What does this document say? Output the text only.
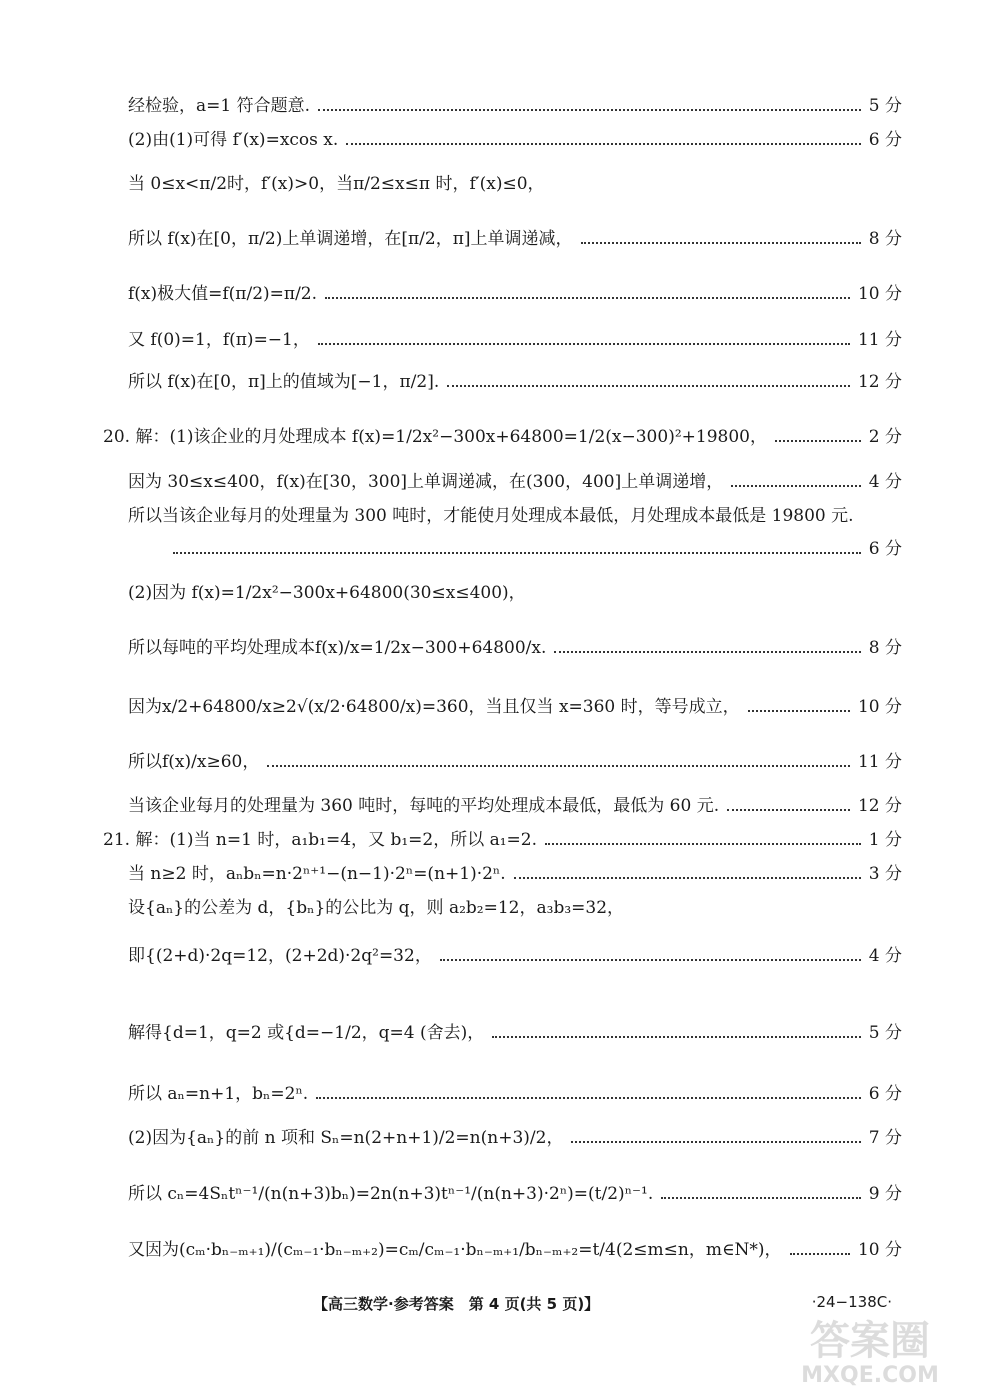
经检验，a=1 符合题意.	5 分
(2)由(1)可得 f′(x)=xcos x.	6 分
当 0≤x<π/2时，f′(x)>0，当π/2≤x≤π 时，f′(x)≤0，
所以 f(x)在[0，π/2)上单调递增，在[π/2，π]上单调递减，	8 分
f(x)极大值=f(π/2)=π/2.	10 分
又 f(0)=1，f(π)=−1，	11 分
所以 f(x)在[0，π]上的值域为[−1，π/2].	12 分
20. 解：(1)该企业的月处理成本 f(x)=1/2x²−300x+64800=1/2(x−300)²+19800，	2 分
因为 30≤x≤400，f(x)在[30，300]上单调递减，在(300，400]上单调递增，	4 分
所以当该企业每月的处理量为 300 吨时，才能使月处理成本最低，月处理成本最低是 19800 元.
6 分
(2)因为 f(x)=1/2x²−300x+64800(30≤x≤400)，
所以每吨的平均处理成本f(x)/x=1/2x−300+64800/x.	8 分
因为x/2+64800/x≥2√(x/2·64800/x)=360，当且仅当 x=360 时，等号成立，	10 分
所以f(x)/x≥60，	11 分
当该企业每月的处理量为 360 吨时，每吨的平均处理成本最低，最低为 60 元.	12 分
21. 解：(1)当 n=1 时，a₁b₁=4，又 b₁=2，所以 a₁=2.	1 分
当 n≥2 时，aₙbₙ=n·2ⁿ⁺¹−(n−1)·2ⁿ=(n+1)·2ⁿ.	3 分
设{aₙ}的公差为 d，{bₙ}的公比为 q，则 a₂b₂=12，a₃b₃=32，
即{(2+d)·2q=12，(2+2d)·2q²=32，	4 分
解得{d=1，q=2 或{d=−1/2，q=4 (舍去)，	5 分
所以 aₙ=n+1，bₙ=2ⁿ.	6 分
(2)因为{aₙ}的前 n 项和 Sₙ=n(2+n+1)/2=n(n+3)/2，	7 分
所以 cₙ=4Sₙtⁿ⁻¹/(n(n+3)bₙ)=2n(n+3)tⁿ⁻¹/(n(n+3)·2ⁿ)=(t/2)ⁿ⁻¹.	9 分
又因为(cₘ·bₙ₋ₘ₊₁)/(cₘ₋₁·bₙ₋ₘ₊₂)=cₘ/cₘ₋₁·bₙ₋ₘ₊₁/bₙ₋ₘ₊₂=t/4(2≤m≤n，m∈N*)，	10 分
【高三数学·参考答案　第 4 页(共 5 页)】	·24−138C·
答案圈
MXQE.COM
